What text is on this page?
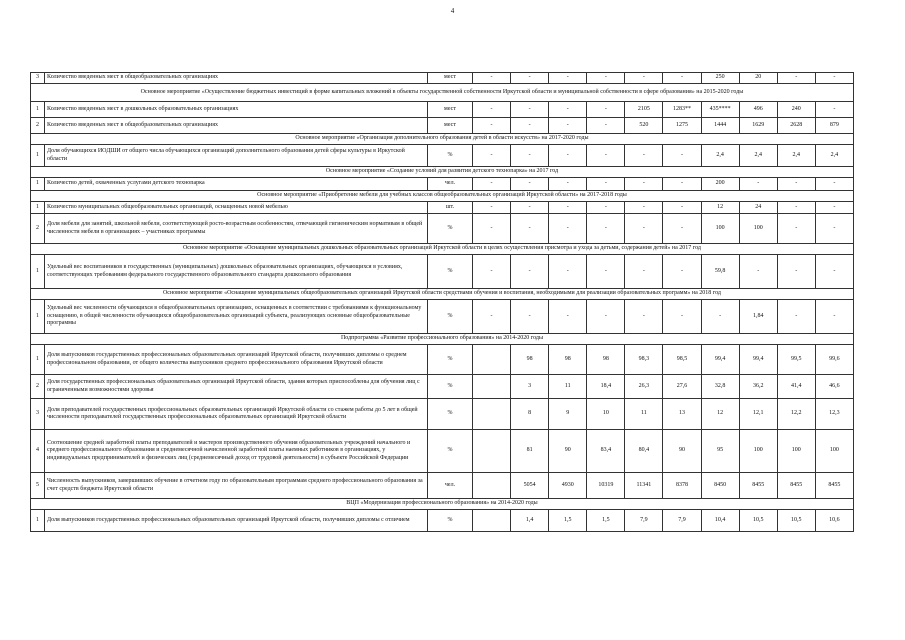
4
3	Количество введенных мест в общеобразовательных организациях	мест	-	-	-	-	-	-	250	20	-	-
Основное мероприятие «Осуществление бюджетных инвестиций в форме капитальных вложений в объекты государственной собственности Иркутской области и муниципальной собственности в сфере образования» на 2015-2020 годы												
1	Количество введенных мест в дошкольных образовательных организациях	мест	-	-	-	-	2105	1283**	435****	496	240	-
2	Количество введенных мест в общеобразовательных организациях	мест	-	-	-	-	520	1275	1444	1629	2628	879
Основное мероприятие «Организация дополнительного образования детей в области искусств» на 2017-2020 годы												
1	Доля обучающихся ИОДШИ от общего числа обучающихся организаций дополнительного образования детей сферы культуры в Иркутской области	%	-	-	-	-	-	-	2,4	2,4	2,4	2,4
Основное мероприятие «Создание условий для развития детского технопарка» на 2017 год												
1	Количество детей, охваченных услугами детского технопарка	чел.	-	-	-	-	-	-	200	-	-	-
Основное мероприятие «Приобретение мебели для учебных классов общеобразовательных организаций Иркутской области» на 2017-2018 годы												
1	Количество муниципальных общеобразовательных организаций, оснащенных новой мебелью	шт.	-	-	-	-	-	-	12	24	-	-
2	Доля мебели для занятий, школьной мебели, соответствующей росто-возрастным особенностям, отвечающей гигиеническим нормативам в общей численности мебели в организациях – участниках программы	%	-	-	-	-	-	-	100	100	-	-
Основное мероприятие «Оснащение муниципальных дошкольных образовательных организаций Иркутской области в целях осуществления присмотра и ухода за детьми, содержания детей» на 2017 год												
1	Удельный вес воспитанников в государственных (муниципальных) дошкольных образовательных организациях, обучающихся в условиях, соответствующих требованиям федерального государственного образовательного стандарта дошкольного образования	%	-	-	-	-	-	-	59,8	-	-	-
Основное мероприятие «Оснащение муниципальных общеобразовательных организаций Иркутской области средствами обучения и воспитания, необходимыми для реализации образовательных программ» на 2018 год												
1	Удельный вес численности обучающихся в общеобразовательных организациях, оснащенных в соответствии с требованиями к функциональному оснащению, в общей численности обучающихся общеобразовательных организаций субъекта, реализующих основные общеобразовательные программы	%	-	-	-	-	-	-	-	1,84	-	-
Подпрограмма «Развитие профессионального образования» на 2014-2020 годы												
1	Доля выпускников государственных профессиональных образовательных организаций Иркутской области, получивших дипломы о среднем профессиональном образовании, от общего количества выпускников среднего профессионального образования Иркутской области	%		98	98	98	98,3	98,5	99,4	99,4	99,5	99,6
2	Доля государственных профессиональных образовательных организаций Иркутской области, здания которых приспособлены для обучения лиц с ограниченными возможностями здоровья	%		3	11	18,4	26,3	27,6	32,8	36,2	41,4	46,6
3	Доля преподавателей государственных профессиональных образовательных организаций Иркутской области со стажем работы до 5 лет в общей численности преподавателей государственных профессиональных образовательных организаций Иркутской области	%		8	9	10	11	13	12	12,1	12,2	12,3
4	Соотношение средней заработной платы преподавателей и мастеров производственного обучения образовательных учреждений начального и среднего профессионального образования и среднемесячной начисленной заработной платы наемных работников в организациях, у индивидуальных предпринимателей и физических лиц (среднемесячный доход от трудовой деятельности) в субъекте Российской Федерации	%		81	90	83,4	80,4	90	95	100	100	100
5	Численность выпускников, завершивших обучение в отчетном году по образовательным программам среднего профессионального образования за счет средств бюджета Иркутской области	чел.		5054	4930	10319	11341	8378	8450	8455	8455	8455
ВЦП «Модернизация профессионального образования» на 2014-2020 годы												
1	Доля выпускников государственных профессиональных образовательных организаций Иркутской области, получивших дипломы с отличием	%		1,4	1,5	1,5	7,9	7,9	10,4	10,5	10,5	10,6
